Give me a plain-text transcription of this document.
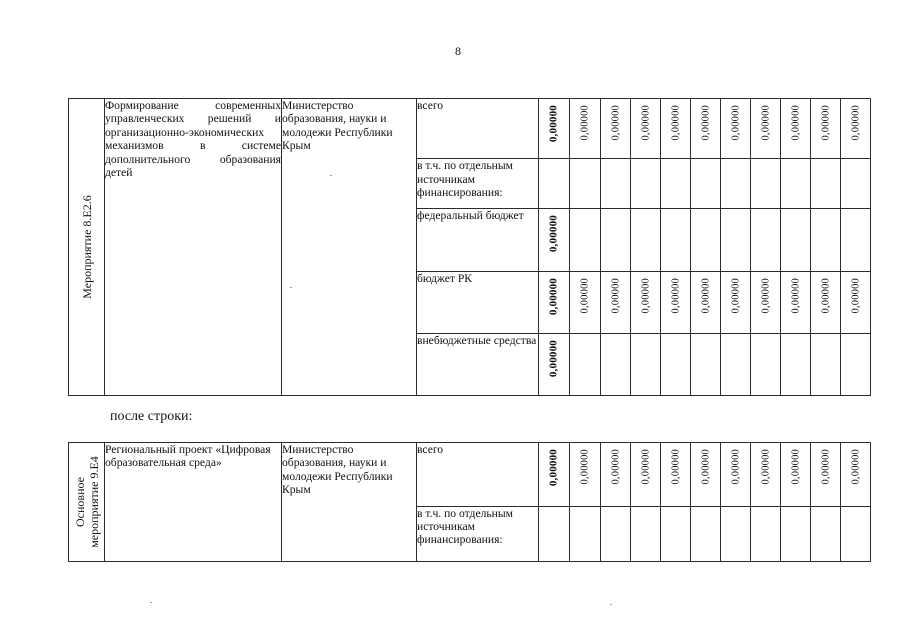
8
Мероприятие 8.Е2.6	Формирование современных управленческих решений и организационно-экономических механизмов в системе дополнительного образования детей	Министерство образования, науки и молодежи Республики Крым	всего	0,00000	0,00000	0,00000	0,00000	0,00000	0,00000	0,00000	0,00000	0,00000	0,00000	0,00000

			в т.ч. по отдельным источникам финансирования:	

			федеральный бюджет	0,00000										

			бюджет РК	0,00000	0,00000	0,00000	0,00000	0,00000	0,00000	0,00000	0,00000	0,00000	0,00000	0,00000

			внебюджетные средства	0,00000										

после строки:
Основное мероприятие 9.Е4	Региональный проект «Цифровая образовательная среда»	Министерство образования, науки и молодежи Республики Крым	всего	0,00000	0,00000	0,00000	0,00000	0,00000	0,00000	0,00000	0,00000	0,00000	0,00000	0,00000

			в т.ч. по отдельным источникам финансирования:	
